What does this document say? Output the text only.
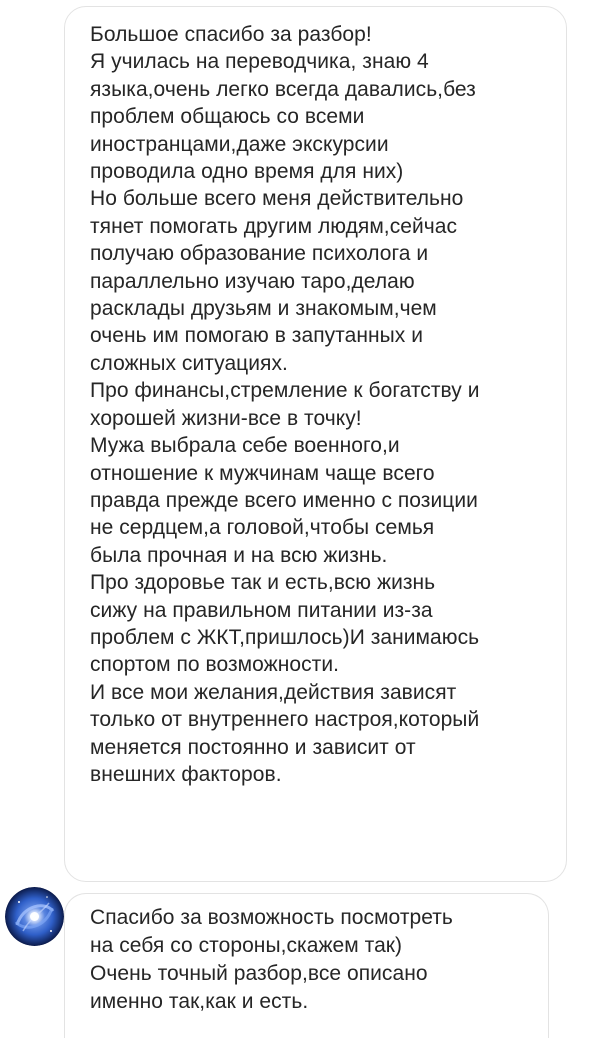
Большое спасибо за разбор!
Я училась на переводчика, знаю 4
языка,очень легко всегда давались,без
проблем общаюсь со всеми
иностранцами,даже экскурсии
проводила одно время для них)
Но больше всего меня действительно
тянет помогать другим людям,сейчас
получаю образование психолога и
параллельно изучаю таро,делаю
расклады друзьям и знакомым,чем
очень им помогаю в запутанных и
сложных ситуациях.
Про финансы,стремление к богатству и
хорошей жизни-все в точку!
Мужа выбрала себе военного,и
отношение к мужчинам чаще всего
правда прежде всего именно с позиции
не сердцем,а головой,чтобы семья
была прочная и на всю жизнь.
Про здоровье так и есть,всю жизнь
сижу на правильном питании из-за
проблем с ЖКТ,пришлось)И занимаюсь
спортом по возможности.
И все мои желания,действия зависят
только от внутреннего настроя,который
меняется постоянно и зависит от
внешних факторов.
Спасибо за возможность посмотреть
на себя со стороны,скажем так)
Очень точный разбор,все описано
именно так,как и есть.
